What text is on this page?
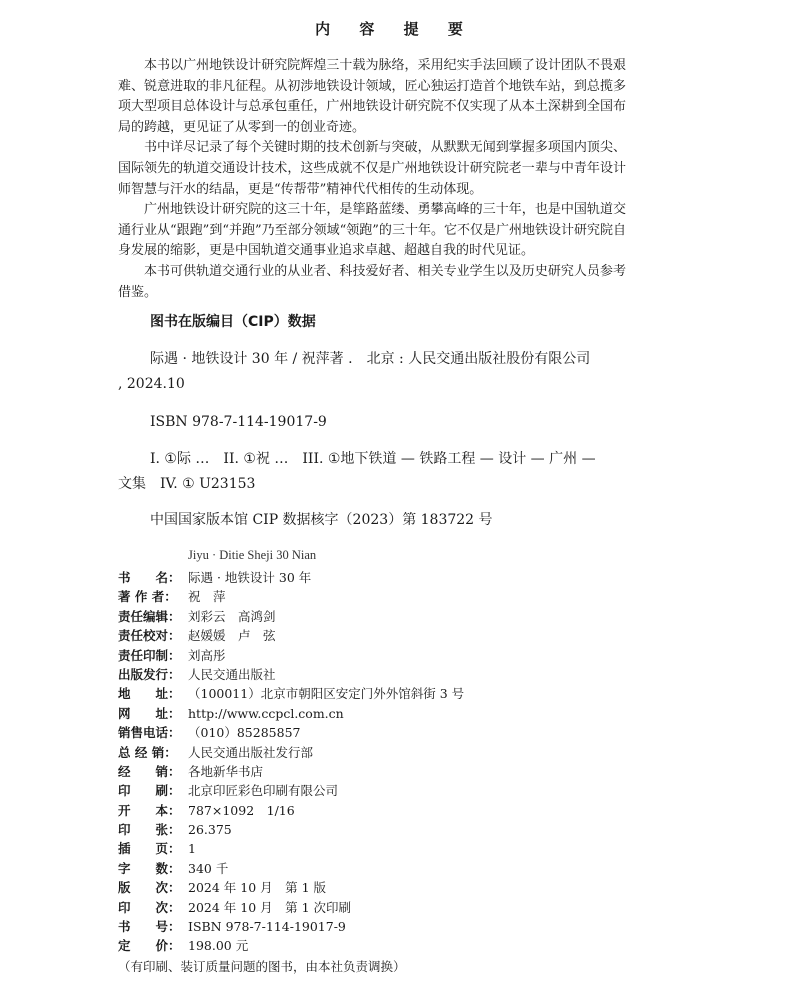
内 容 提 要

本书以广州地铁设计研究院辉煌三十载为脉络，采用纪实手法回顾了设计团队不畏艰难、锐意进取的非凡征程。从初涉地铁设计领域，匠心独运打造首个地铁车站，到总揽多项大型项目总体设计与总承包重任，广州地铁设计研究院不仅实现了从本土深耕到全国布局的跨越，更见证了从零到一的创业奇迹。

书中详尽记录了每个关键时期的技术创新与突破，从默默无闻到掌握多项国内顶尖、国际领先的轨道交通设计技术，这些成就不仅是广州地铁设计研究院老一辈与中青年设计师智慧与汗水的结晶，更是“传帮带”精神代代相传的生动体现。

广州地铁设计研究院的这三十年，是筚路蓝缕、勇攀高峰的三十年，也是中国轨道交通行业从“跟跑”到“并跑”乃至部分领域“领跑”的三十年。它不仅是广州地铁设计研究院自身发展的缩影，更是中国轨道交通事业追求卓越、超越自我的时代见证。

本书可供轨道交通行业的从业者、科技爱好者、相关专业学生以及历史研究人员参考借鉴。

图书在版编目（CIP）数据

际遇 · 地铁设计 30 年 / 祝萍著 .　北京 : 人民交通出版社股份有限公司 , 2024.10

ISBN 978-7-114-19017-9

I. ①际 …　II. ①祝 …　III. ①地下铁道 — 铁路工程 — 设计 — 广州 — 文集　IV. ① U23153

中国国家版本馆 CIP 数据核字（2023）第 183722 号

Jiyu · Ditie Sheji 30 Nian
书　　名： 际遇 · 地铁设计 30 年
著 作 者： 祝　萍
责任编辑： 刘彩云　高鸿剑
责任校对： 赵媛媛　卢　弦
责任印制： 刘高彤
出版发行： 人民交通出版社
地　　址： （100011）北京市朝阳区安定门外外馆斜街 3 号
网　　址： http://www.ccpcl.com.cn
销售电话： （010）85285857
总 经 销： 人民交通出版社发行部
经　　销： 各地新华书店
印　　刷： 北京印匠彩色印刷有限公司
开　　本： 787×1092　1/16
印　　张： 26.375
插　　页： 1
字　　数： 340 千
版　　次： 2024 年 10 月　第 1 版
印　　次： 2024 年 10 月　第 1 次印刷
书　　号： ISBN 978-7-114-19017-9
定　　价： 198.00 元
（有印刷、装订质量问题的图书，由本社负责调换）
